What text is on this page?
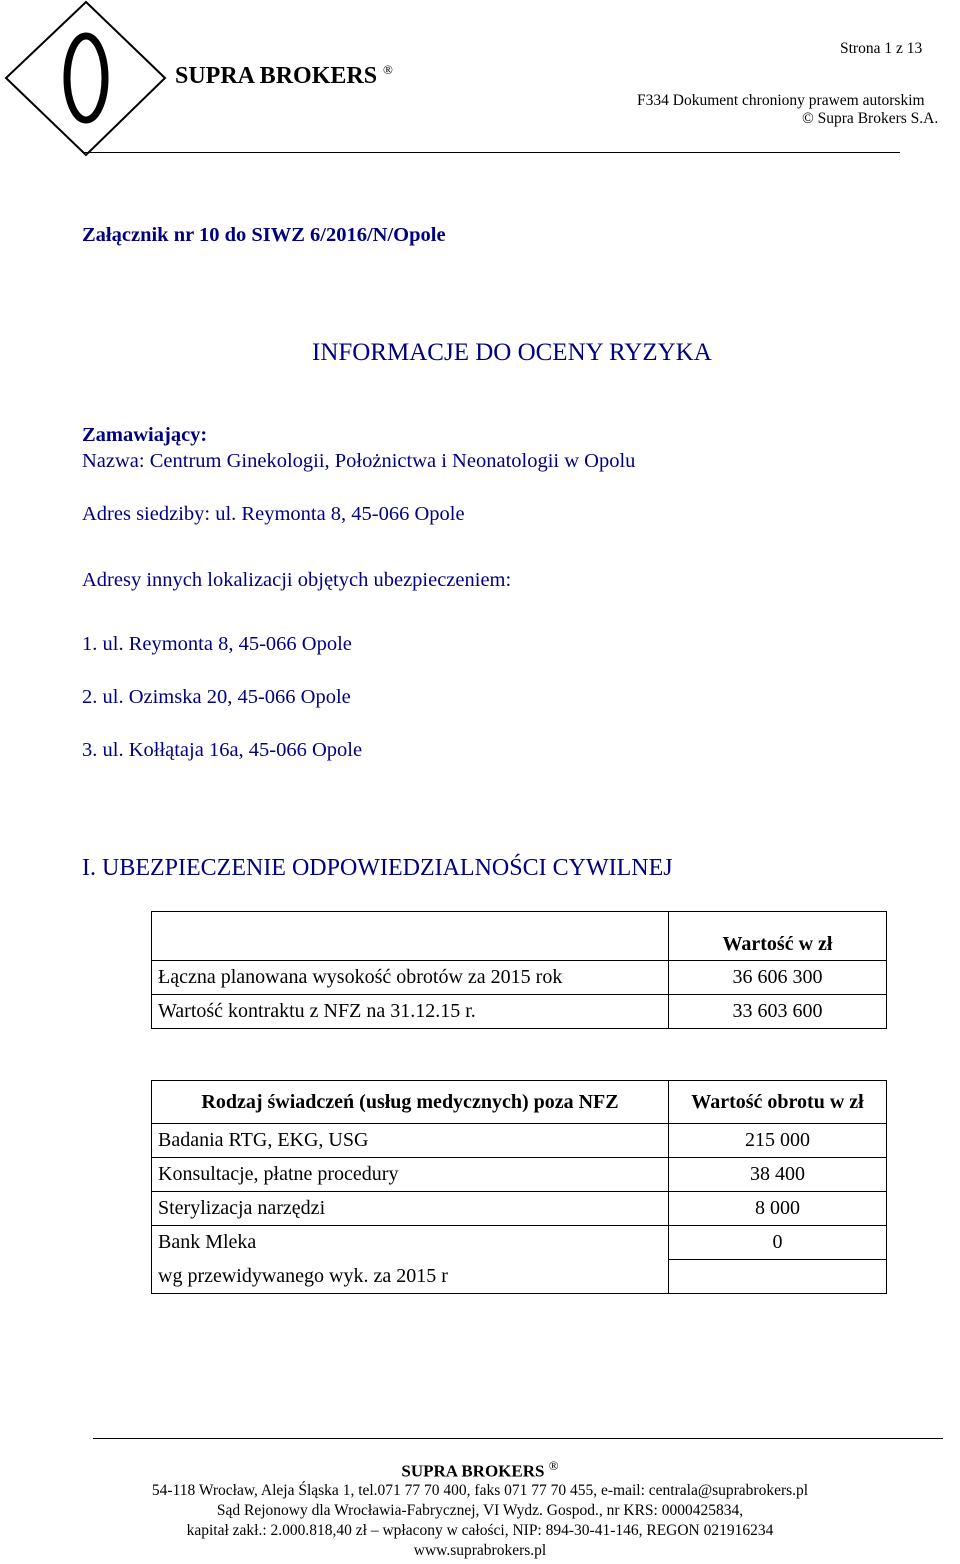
SUPRA BROKERS ®
Strona 1 z 13
F334 Dokument chroniony prawem autorskim
© Supra Brokers S.A.
Załącznik nr 10 do SIWZ 6/2016/N/Opole
INFORMACJE DO OCENY RYZYKA
Zamawiający:
Nazwa: Centrum Ginekologii, Położnictwa i Neonatologii w Opolu
Adres siedziby: ul. Reymonta 8, 45-066 Opole
Adresy innych lokalizacji objętych ubezpieczeniem:
1. ul. Reymonta 8, 45-066 Opole
2. ul. Ozimska 20, 45-066 Opole
3. ul. Kołłątaja 16a, 45-066 Opole
I. UBEZPIECZENIE ODPOWIEDZIALNOŚCI CYWILNEJ
	Wartość w zł
Łączna planowana wysokość obrotów za 2015 rok	36 606 300
Wartość kontraktu z NFZ na 31.12.15 r.	33 603 600
Rodzaj świadczeń (usług medycznych) poza NFZ	Wartość obrotu w zł
Badania RTG, EKG, USG	215 000
Konsultacje, płatne procedury	38 400
Sterylizacja narzędzi	8 000
Bank Mleka	0
wg przewidywanego wyk. za 2015 r	
SUPRA BROKERS ®
54-118 Wrocław, Aleja Śląska 1, tel.071 77 70 400, faks 071 77 70 455, e-mail: centrala@suprabrokers.pl
Sąd Rejonowy dla Wrocławia-Fabrycznej, VI Wydz. Gospod., nr KRS: 0000425834,
kapitał zakł.: 2.000.818,40 zł – wpłacony w całości, NIP: 894-30-41-146, REGON 021916234
www.suprabrokers.pl
